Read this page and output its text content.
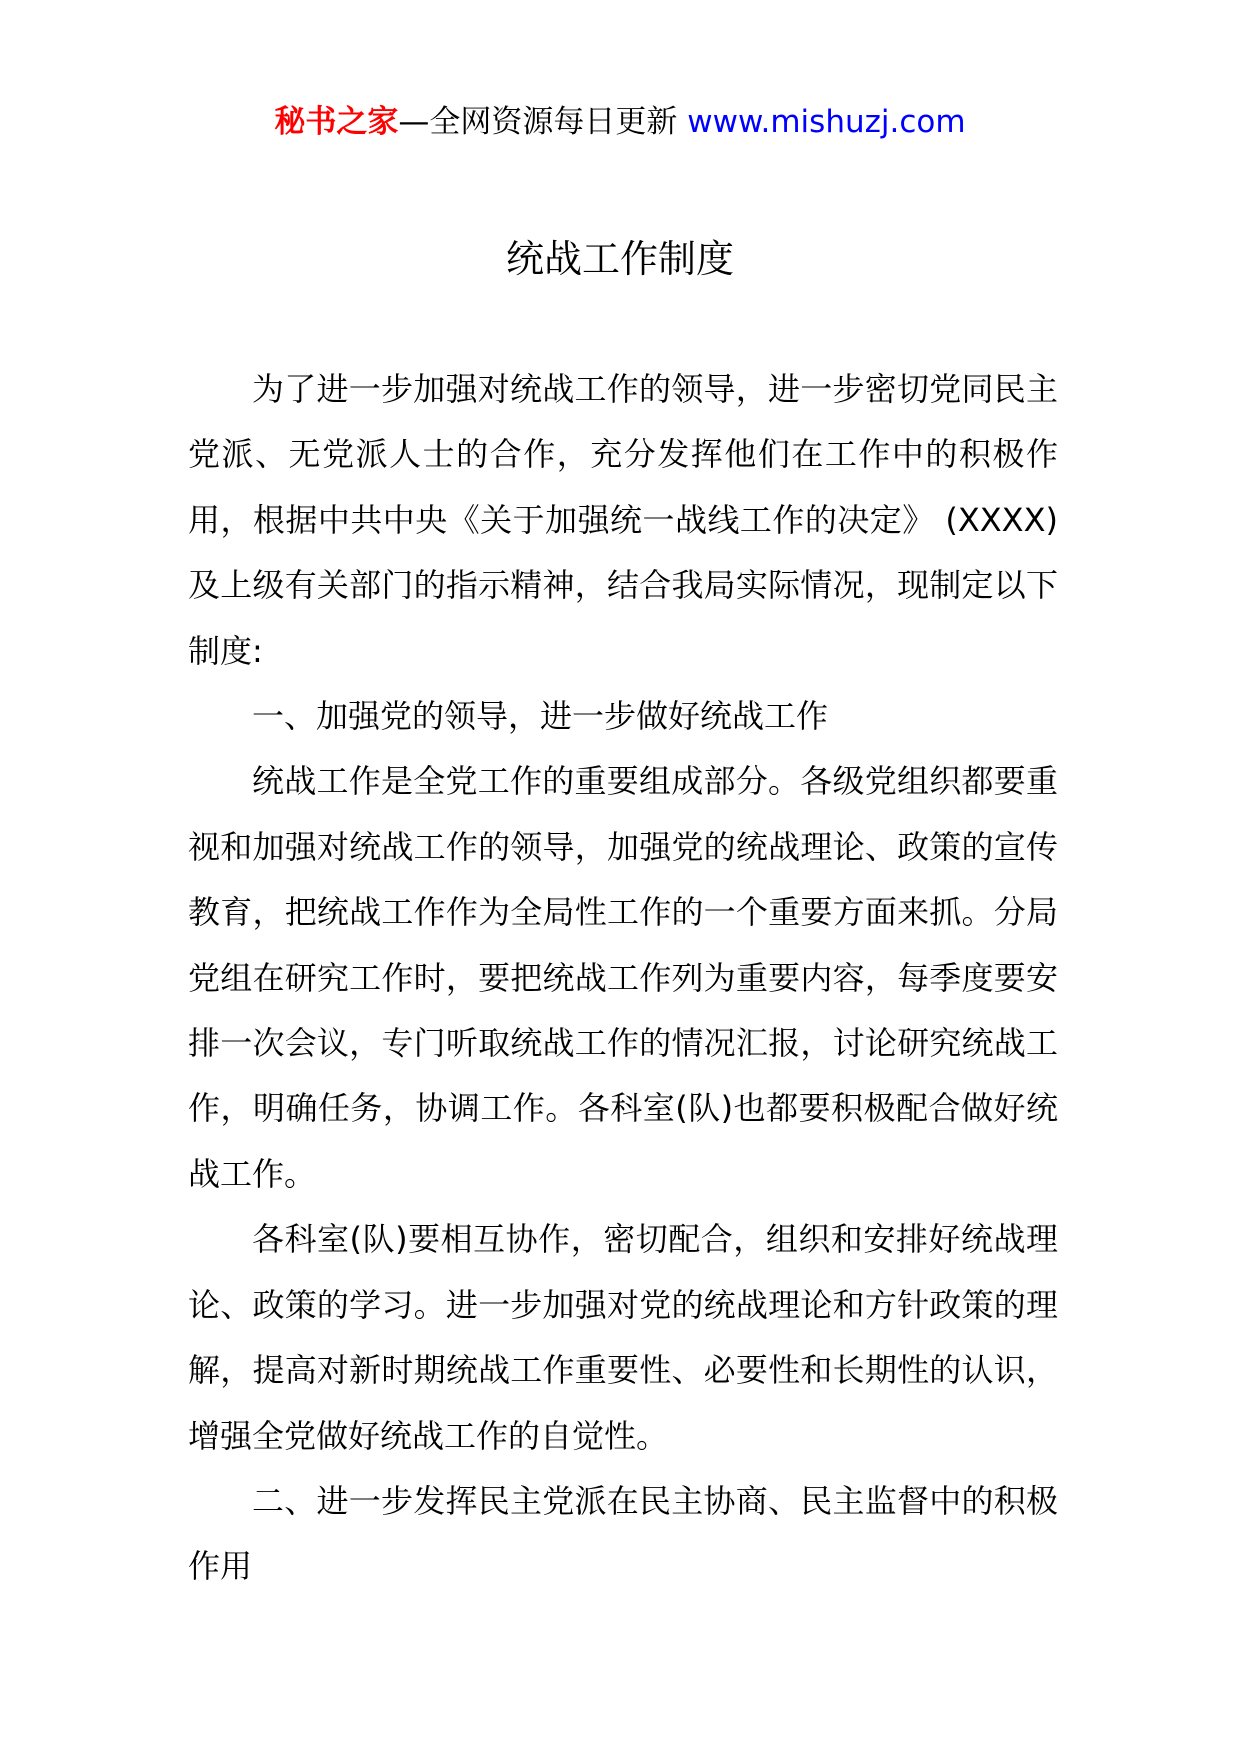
秘书之家—全网资源每日更新 www.mishuzj.com
统战工作制度

为了进一步加强对统战工作的领导，进一步密切党同民主党派、无党派人士的合作，充分发挥他们在工作中的积极作用，根据中共中央《关于加强统一战线工作的决定》 (XXXX)及上级有关部门的指示精神，结合我局实际情况，现制定以下制度:

一、加强党的领导，进一步做好统战工作

统战工作是全党工作的重要组成部分。各级党组织都要重视和加强对统战工作的领导，加强党的统战理论、政策的宣传教育，把统战工作作为全局性工作的一个重要方面来抓。分局党组在研究工作时，要把统战工作列为重要内容，每季度要安排一次会议，专门听取统战工作的情况汇报，讨论研究统战工作，明确任务，协调工作。各科室(队)也都要积极配合做好统战工作。

各科室(队)要相互协作，密切配合，组织和安排好统战理论、政策的学习。进一步加强对党的统战理论和方针政策的理解，提高对新时期统战工作重要性、必要性和长期性的认识，增强全党做好统战工作的自觉性。

二、进一步发挥民主党派在民主协商、民主监督中的积极作用
